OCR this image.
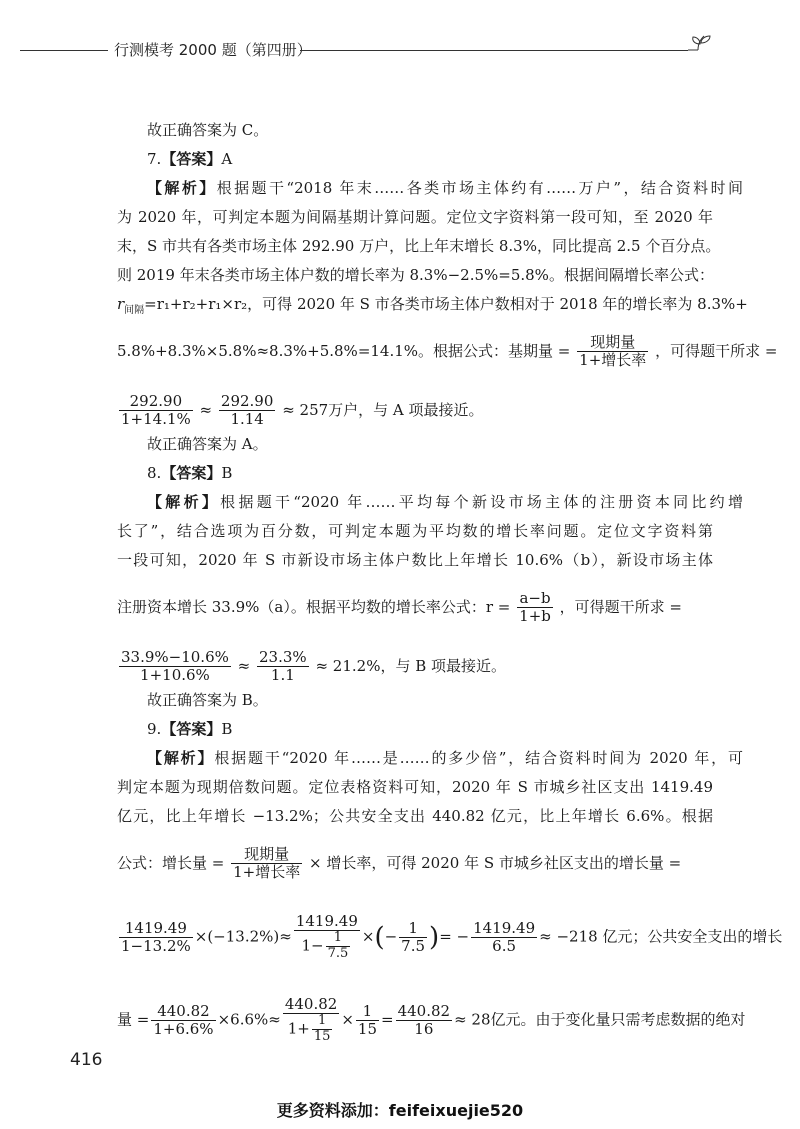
行测模考 2000 题（第四册）
故正确答案为 C。
7.【答案】A
【解析】根据题干“2018 年末……各类市场主体约有……万户”，结合资料时间
为 2020 年，可判定本题为间隔基期计算问题。定位文字资料第一段可知，至 2020 年
末，S 市共有各类市场主体 292.90 万户，比上年末增长 8.3%，同比提高 2.5 个百分点。
则 2019 年末各类市场主体户数的增长率为 8.3%−2.5%=5.8%。根据间隔增长率公式：
$r_{间隔}=r_1+r_2+r_1\times r_2$，可得 2020 年 S 市各类市场主体户数相对于 2018 年的增长率为 8.3%+
5.8%+8.3%×5.8%≈8.3%+5.8%=14.1%。根据公式：基期量 = $\frac{\text{现期量}}{\text{1+增长率}}$ ，可得题干所求 =
$\frac{292.90}{1+14.1\%} \approx \frac{292.90}{1.14} \approx 257$万户，与 A 项最接近。
故正确答案为 A。
8.【答案】B
【解析】根据题干“2020 年……平均每个新设市场主体的注册资本同比约增
长了”，结合选项为百分数，可判定本题为平均数的增长率问题。定位文字资料第
一段可知，2020 年 S 市新设市场主体户数比上年增长 10.6%（b），新设市场主体
注册资本增长 33.9%（a）。根据平均数的增长率公式：$r = \frac{a-b}{1+b}$ ，可得题干所求 =
$\frac{33.9\%-10.6\%}{1+10.6\%} \approx \frac{23.3\%}{1.1} \approx 21.2\%$，与 B 项最接近。
故正确答案为 B。
9.【答案】B
【解析】根据题干“2020 年……是……的多少倍”，结合资料时间为 2020 年，可
判定本题为现期倍数问题。定位表格资料可知，2020 年 S 市城乡社区支出 1419.49
亿元，比上年增长 −13.2%；公共安全支出 440.82 亿元，比上年增长 6.6%。根据
公式：增长量 = $\frac{\text{现期量}}{\text{1+增长率}}$ × 增长率，可得 2020 年 S 市城乡社区支出的增长量 =
$\frac{1419.49}{1-13.2\%} \times(-13.2\%)\approx \frac{1419.49}{1- \frac{1}{7.5}}$ ×(− $\frac{1}{7.5}$ )= − $\frac{1419.49}{6.5} \approx -218$ 亿元；公共安全支出的增长
量 = $\frac{440.82}{1+6.6\%} \times 6.6\%\approx \frac{440.82}{1+ \frac{1}{15}} \times \frac{1}{15} = \frac{440.82}{16} \approx 28$亿元。由于变化量只需考虑数据的绝对
416
更多资料添加：feifeixuejie520
